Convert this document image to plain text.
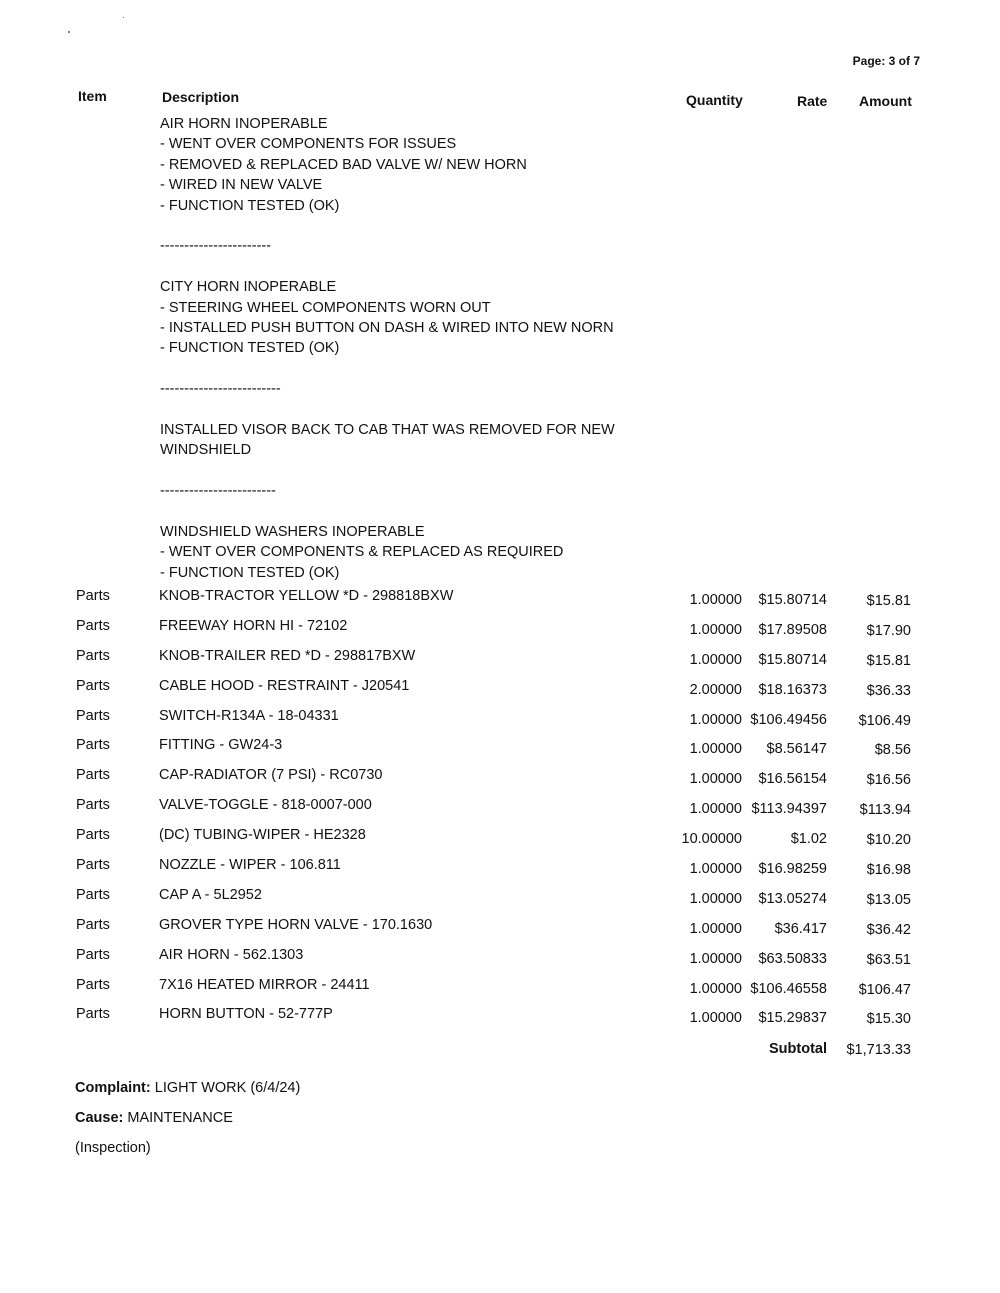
Page: 3 of 7
Item	Description	Quantity	Rate Amount
AIR HORN INOPERABLE
- WENT OVER COMPONENTS FOR ISSUES
- REMOVED & REPLACED BAD VALVE W/ NEW HORN
- WIRED IN NEW VALVE
- FUNCTION TESTED (OK)
-----------------------
CITY HORN INOPERABLE
- STEERING WHEEL COMPONENTS WORN OUT
- INSTALLED PUSH BUTTON ON DASH & WIRED INTO NEW NORN
- FUNCTION TESTED (OK)
-------------------------
INSTALLED VISOR BACK TO CAB THAT WAS REMOVED FOR NEW
WINDSHIELD
------------------------
WINDSHIELD WASHERS INOPERABLE
- WENT OVER COMPONENTS & REPLACED AS REQUIRED
- FUNCTION TESTED (OK)
Parts	KNOB-TRACTOR YELLOW *D - 298818BXW	1.00000 $15.80714	$15.81
Parts	FREEWAY HORN HI - 72102	1.00000 $17.89508	$17.90
Parts	KNOB-TRAILER RED *D - 298817BXW	1.00000 $15.80714	$15.81
Parts	CABLE HOOD - RESTRAINT - J20541	2.00000 $18.16373	$36.33
Parts	SWITCH-R134A - 18-04331	1.00000 $106.49456 $106.49
Parts	FITTING - GW24-3	1.00000 $8.56147	$8.56
Parts	CAP-RADIATOR (7 PSI) - RC0730	1.00000 $16.56154	$16.56
Parts	VALVE-TOGGLE - 818-0007-000	1.00000 $113.94397 $113.94
Parts	(DC) TUBING-WIPER - HE2328	10.00000	$1.02	$10.20
Parts	NOZZLE - WIPER - 106.811	1.00000 $16.98259	$16.98
Parts	CAP A - 5L2952	1.00000 $13.05274	$13.05
Parts	GROVER TYPE HORN VALVE - 170.1630	1.00000 $36.417	$36.42
Parts	AIR HORN - 562.1303	1.00000 $63.50833	$63.51
Parts	7X16 HEATED MIRROR - 24411	1.00000 $106.46558 $106.47
Parts	HORN BUTTON - 52-777P	1.00000 $15.29837	$15.30
Subtotal $1,713.33
Complaint: LIGHT WORK (6/4/24)
Cause: MAINTENANCE
(Inspection)
